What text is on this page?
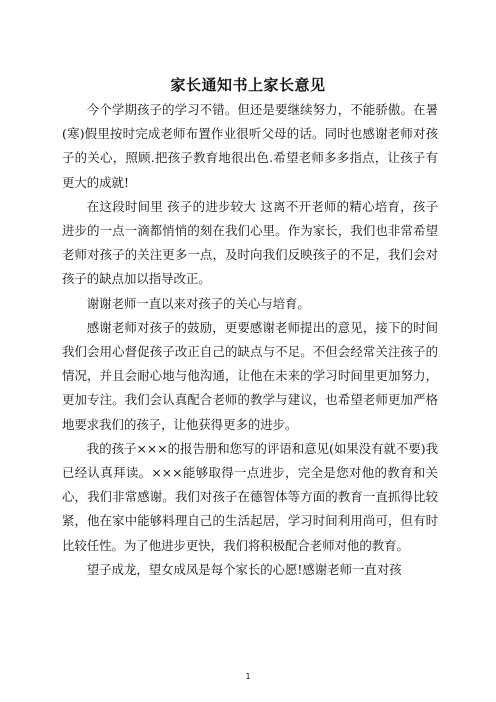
家长通知书上家长意见

今个学期孩子的学习不错。但还是要继续努力，不能骄傲。在暑(寒)假里按时完成老师布置作业很听父母的话。同时也感谢老师对孩子的关心，照顾.把孩子教育地很出色.希望老师多多指点，让孩子有更大的成就!

在这段时间里 孩子的进步较大 这离不开老师的精心培育，孩子进步的一点一滴都悄悄的刻在我们心里。作为家长，我们也非常希望老师对孩子的关注更多一点，及时向我们反映孩子的不足，我们会对孩子的缺点加以指导改正。

谢谢老师一直以来对孩子的关心与培育。

感谢老师对孩子的鼓励，更要感谢老师提出的意见，接下的时间我们会用心督促孩子改正自己的缺点与不足。不但会经常关注孩子的情况，并且会耐心地与他沟通，让他在未来的学习时间里更加努力，更加专注。我们会认真配合老师的教学与建议，也希望老师更加严格地要求我们的孩子，让他获得更多的进步。

我的孩子×××的报告册和您写的评语和意见(如果没有就不要)我已经认真拜读。×××能够取得一点进步，完全是您对他的教育和关心，我们非常感谢。我们对孩子在德智体等方面的教育一直抓得比较紧，他在家中能够料理自己的生活起居，学习时间利用尚可，但有时比较任性。为了他进步更快，我们将积极配合老师对他的教育。

望子成龙，望女成凤是每个家长的心愿!感谢老师一直对孩

1
